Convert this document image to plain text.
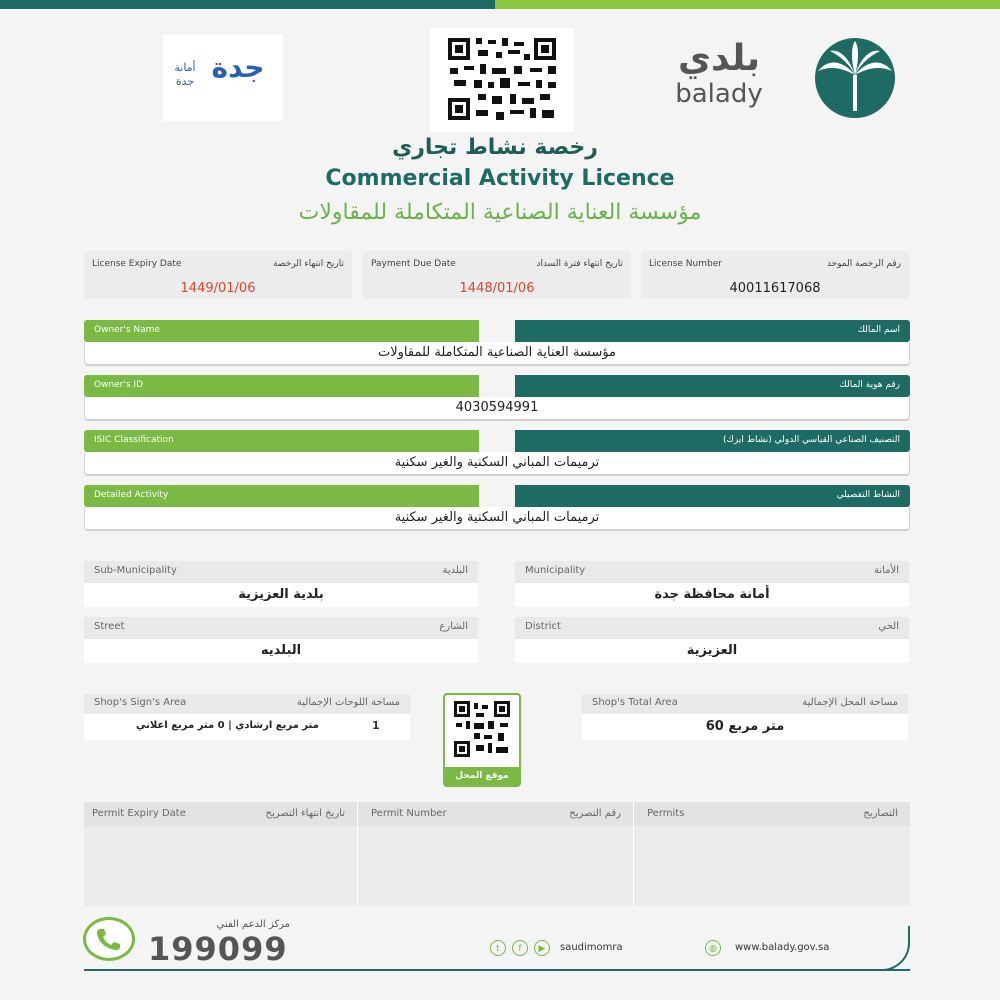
جدة
أمانة جدة
بلدي
balady
رخصة نشاط تجاري
Commercial Activity Licence
مؤسسة العناية الصناعية المتكاملة للمقاولات
License Expiry Date	تاريخ انتهاء الرخصة
1449/01/06
Payment Due Date	تاريخ انتهاء فترة السداد
1448/01/06
License Number	رقم الرخصة الموحد
40011617068
Owner's Name	اسم المالك
مؤسسة العناية الصناعية المتكاملة للمقاولات
Owner's ID	رقم هوية المالك
4030594991
ISIC Classification	التصنيف الصناعي القياسي الدولي (نشاط ايزك)
ترميمات المباني السكنية والغير سكنية
Detailed Activity	النشاط التفصيلي
ترميمات المباني السكنية والغير سكنية
Sub-Municipality	البلدية
بلدية العزيزية
Municipality	الأمانة
أمانة محافظة جدة
Street	الشارع
البلديه
District	الحي
العزيزية
Shop's Sign's Area	مساحة اللوحات الإجمالية
1
متر مربع ارشادي | 0 متر مربع اعلاني
موقع المحل
Shop's Total Area	مساحة المحل الإجمالية
60 متر مربع
Permit Expiry Date	تاريخ انتهاء التصريح	Permit Number	رقم التصريح	Permits	التصاريح
مركز الدعم الفني
199099	t	f	▶	saudimomra	◍	www.balady.gov.sa
